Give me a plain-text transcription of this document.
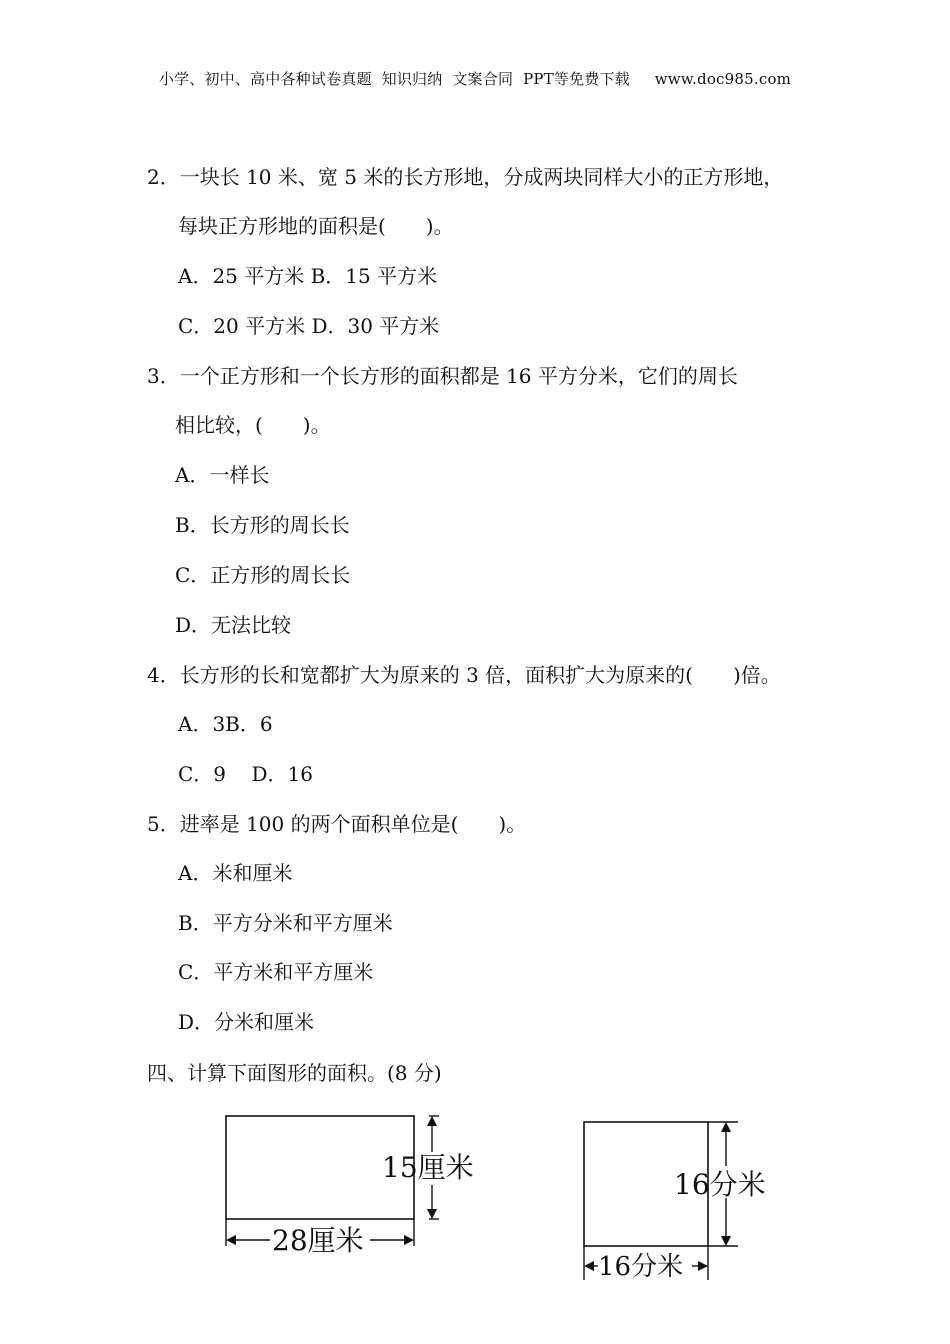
小学、初中、高中各种试卷真题  知识归纳  文案合同  PPT等免费下载     www.doc985.com
2．一块长 10 米、宽 5 米的长方形地，分成两块同样大小的正方形地，
每块正方形地的面积是(　　)。
A．25 平方米 B．15 平方米
C．20 平方米 D．30 平方米
3．一个正方形和一个长方形的面积都是 16 平方分米，它们的周长
相比较，(　　)。
A．一样长
B．长方形的周长长
C．正方形的周长长
D．无法比较
4．长方形的长和宽都扩大为原来的 3 倍，面积扩大为原来的(　　)倍。
A．3B．6
C．9    D．16
5．进率是 100 的两个面积单位是(　　)。
A．米和厘米
B．平方分米和平方厘米
C．平方米和平方厘米
D．分米和厘米
四、计算下面图形的面积。(8 分)
15厘米
28厘米
16分米
16分米
